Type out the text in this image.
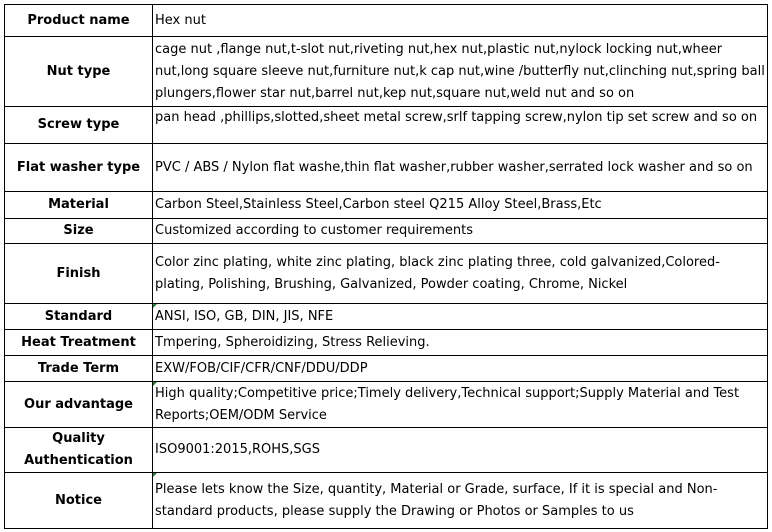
Product name	Hex nut
Nut type	cage nut ,flange nut,t-slot nut,riveting nut,hex nut,plastic nut,nylock locking nut,wheer nut,long square sleeve nut,furniture nut,k cap nut,wine /butterfly nut,clinching nut,spring ball plungers,flower star nut,barrel nut,kep nut,square nut,weld nut and so on
Screw type	pan head ,phillips,slotted,sheet metal screw,srlf tapping screw,nylon tip set screw and so on
Flat washer type	PVC / ABS / Nylon flat washe,thin flat washer,rubber washer,serrated lock washer and so on
Material	Carbon Steel,Stainless Steel,Carbon steel Q215 Alloy Steel,Brass,Etc
Size	Customized according to customer requirements
Finish	Color zinc plating, white zinc plating, black zinc plating three, cold galvanized,Colored-plating, Polishing, Brushing, Galvanized, Powder coating, Chrome, Nickel
Standard	ANSI, ISO, GB, DIN, JIS, NFE
Heat Treatment	Tmpering, Spheroidizing, Stress Relieving.
Trade Term	EXW/FOB/CIF/CFR/CNF/DDU/DDP
Our advantage	High quality;Competitive price;Timely delivery,Technical support;Supply Material and Test Reports;OEM/ODM Service
Quality Authentication	ISO9001:2015,ROHS,SGS
Notice	Please lets know the Size, quantity, Material or Grade, surface, If it is special and Non-standard products, please supply the Drawing or Photos or Samples to us
